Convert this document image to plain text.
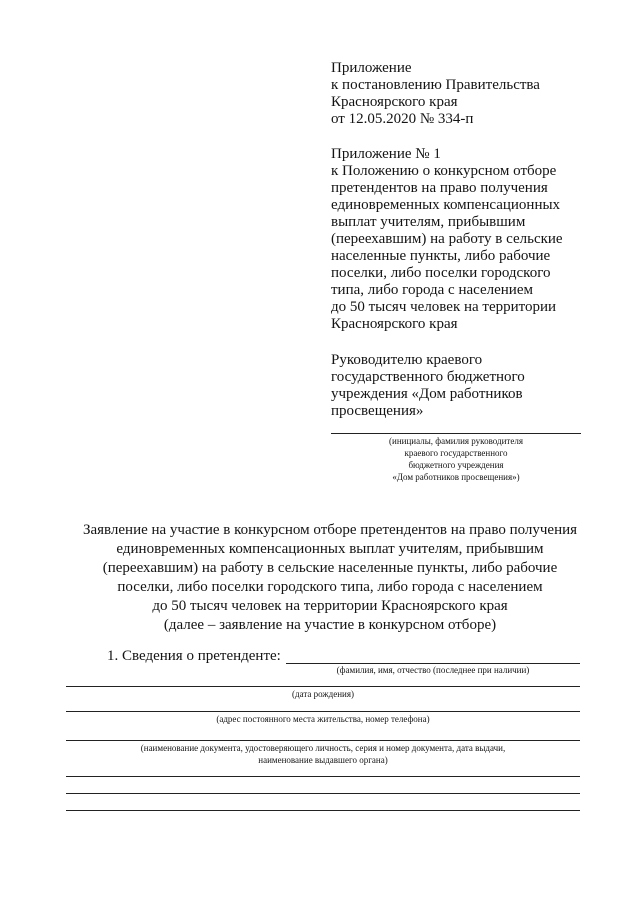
Приложение
к постановлению Правительства
Красноярского края
от 12.05.2020 № 334-п
Приложение № 1
к Положению о конкурсном отборе
претендентов на право получения
единовременных компенсационных
выплат учителям, прибывшим
(переехавшим) на работу в сельские
населенные пункты, либо рабочие
поселки, либо поселки городского
типа, либо города с населением
до 50 тысяч человек на территории
Красноярского края
Руководителю краевого
государственного бюджетного
учреждения «Дом работников
просвещения»
(инициалы, фамилия руководителя
краевого государственного
бюджетного учреждения
«Дом работников просвещения»)
Заявление на участие в конкурсном отборе претендентов на право получения
единовременных компенсационных выплат учителям, прибывшим
(переехавшим) на работу в сельские населенные пункты, либо рабочие
поселки, либо поселки городского типа, либо города с населением
до 50 тысяч человек на территории Красноярского края
(далее – заявление на участие в конкурсном отборе)
1. Сведения о претенденте:
(фамилия, имя, отчество (последнее при наличии)
(дата рождения)
(адрес постоянного места жительства, номер телефона)
(наименование документа, удостоверяющего личность, серия и номер документа, дата выдачи,
наименование выдавшего органа)
